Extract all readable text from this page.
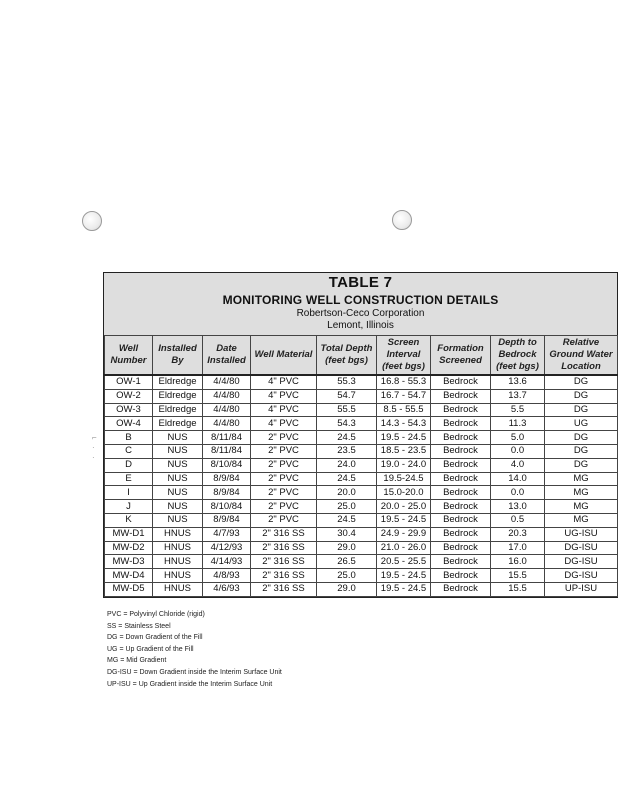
⌐
·
·
TABLE 7
MONITORING WELL CONSTRUCTION DETAILS
Robertson-Ceco Corporation
Lemont, Illinois
Well Number	Installed By	Date Installed	Well Material	Total Depth (feet bgs)	Screen Interval (feet bgs)	Formation Screened	Depth to Bedrock (feet bgs)	Relative Ground Water Location
OW-1	Eldredge	4/4/80	4" PVC	55.3	16.8 - 55.3	Bedrock	13.6	DG
OW-2	Eldredge	4/4/80	4" PVC	54.7	16.7 - 54.7	Bedrock	13.7	DG
OW-3	Eldredge	4/4/80	4" PVC	55.5	8.5 - 55.5	Bedrock	5.5	DG
OW-4	Eldredge	4/4/80	4" PVC	54.3	14.3 - 54.3	Bedrock	11.3	UG
B	NUS	8/11/84	2" PVC	24.5	19.5 - 24.5	Bedrock	5.0	DG
C	NUS	8/11/84	2" PVC	23.5	18.5 - 23.5	Bedrock	0.0	DG
D	NUS	8/10/84	2" PVC	24.0	19.0 - 24.0	Bedrock	4.0	DG
E	NUS	8/9/84	2" PVC	24.5	19.5-24.5	Bedrock	14.0	MG
I	NUS	8/9/84	2" PVC	20.0	15.0-20.0	Bedrock	0.0	MG
J	NUS	8/10/84	2" PVC	25.0	20.0 - 25.0	Bedrock	13.0	MG
K	NUS	8/9/84	2" PVC	24.5	19.5 - 24.5	Bedrock	0.5	MG
MW-D1	HNUS	4/7/93	2" 316 SS	30.4	24.9 - 29.9	Bedrock	20.3	UG-ISU
MW-D2	HNUS	4/12/93	2" 316 SS	29.0	21.0 - 26.0	Bedrock	17.0	DG-ISU
MW-D3	HNUS	4/14/93	2" 316 SS	26.5	20.5 - 25.5	Bedrock	16.0	DG-ISU
MW-D4	HNUS	4/8/93	2" 316 SS	25.0	19.5 - 24.5	Bedrock	15.5	DG-ISU
MW-D5	HNUS	4/6/93	2" 316 SS	29.0	19.5 - 24.5	Bedrock	15.5	UP-ISU
PVC = Polyvinyl Chloride (rigid)
SS = Stainless Steel
DG = Down Gradient of the Fill
UG = Up Gradient of the Fill
MG = Mid Gradient
DG-ISU = Down Gradient inside the Interim Surface Unit
UP-ISU = Up Gradient inside the Interim Surface Unit
